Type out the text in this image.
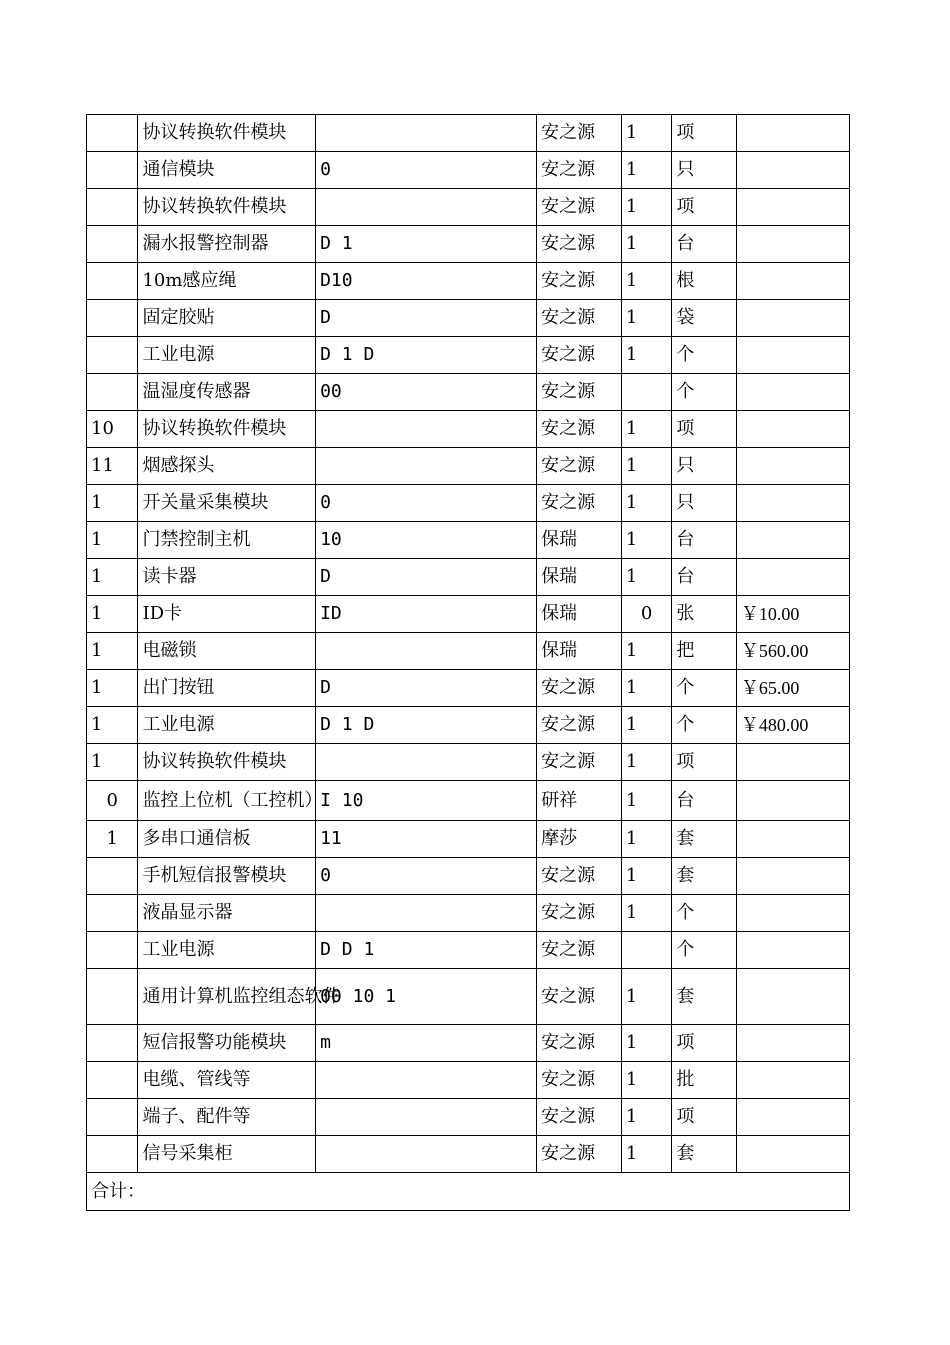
	协议转换软件模块		安之源	1	项	
	通信模块	0	安之源	1	只	
	协议转换软件模块		安之源	1	项	
	漏水报警控制器	D 1	安之源	1	台	
	10m感应绳	D10	安之源	1	根	
	固定胶贴	D	安之源	1	袋	
	工业电源	D 1 D	安之源	1	个	
	温湿度传感器	00	安之源		个	
10	协议转换软件模块		安之源	1	项	
11	烟感探头		安之源	1	只	
1	开关量采集模块	0	安之源	1	只	
1	门禁控制主机	10	保瑞	1	台	
1	读卡器	D	保瑞	1	台	
1	ID卡	ID	保瑞	0	张	￥10.00
1	电磁锁		保瑞	1	把	￥560.00
1	出门按钮	D	安之源	1	个	￥65.00
1	工业电源	D 1 D	安之源	1	个	￥480.00
1	协议转换软件模块		安之源	1	项	
0	监控上位机（工控机）	I 10	研祥	1	台	
1	多串口通信板	11	摩莎	1	套	
	手机短信报警模块	0	安之源	1	套	
	液晶显示器		安之源	1	个	
	工业电源	D D 1	安之源		个	
	通用计算机监控组态软件	00 10 1	安之源	1	套	
	短信报警功能模块	m	安之源	1	项	
	电缆、管线等		安之源	1	批	
	端子、配件等		安之源	1	项	
	信号采集柜		安之源	1	套	
合计：						
